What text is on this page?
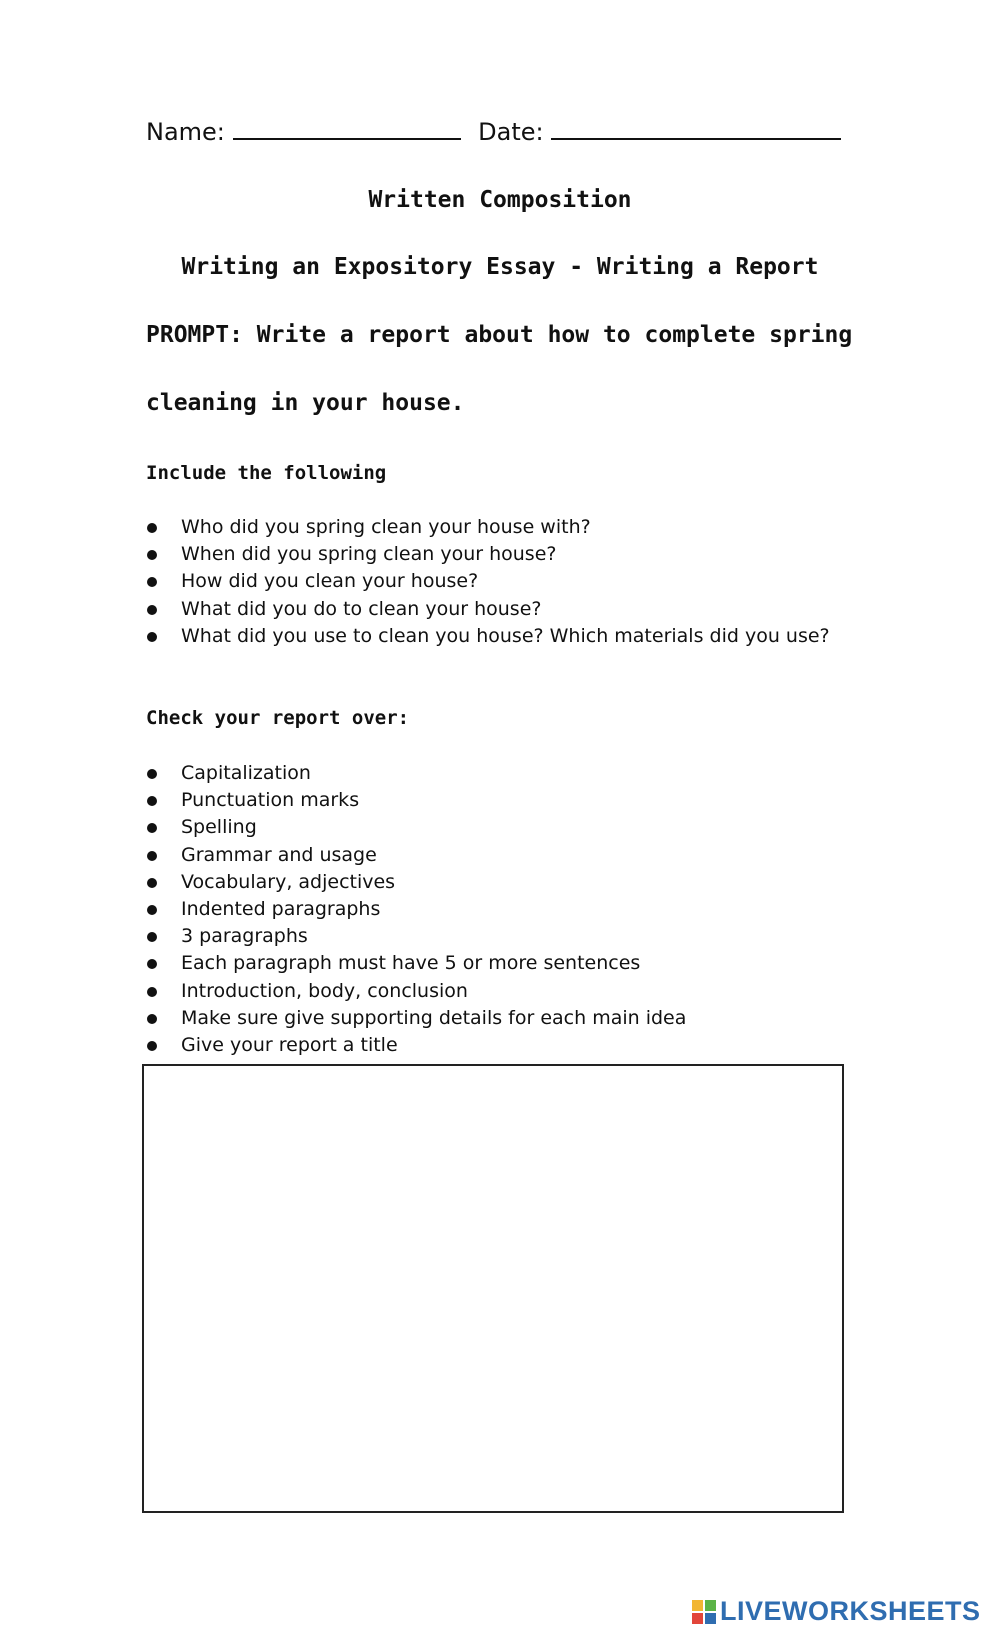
Name:	Date:
Written Composition
Writing an Expository Essay - Writing a Report
PROMPT: Write a report about how to complete spring
cleaning in your house.
Include the following
Who did you spring clean your house with?
When did you spring clean your house?
How did you clean your house?
What did you do to clean your house?
What did you use to clean you house? Which materials did you use?
Check your report over:
Capitalization
Punctuation marks
Spelling
Grammar and usage
Vocabulary, adjectives
Indented paragraphs
3 paragraphs
Each paragraph must have 5 or more sentences
Introduction, body, conclusion
Make sure give supporting details for each main idea
Give your report a title
LIVEWORKSHEETS
